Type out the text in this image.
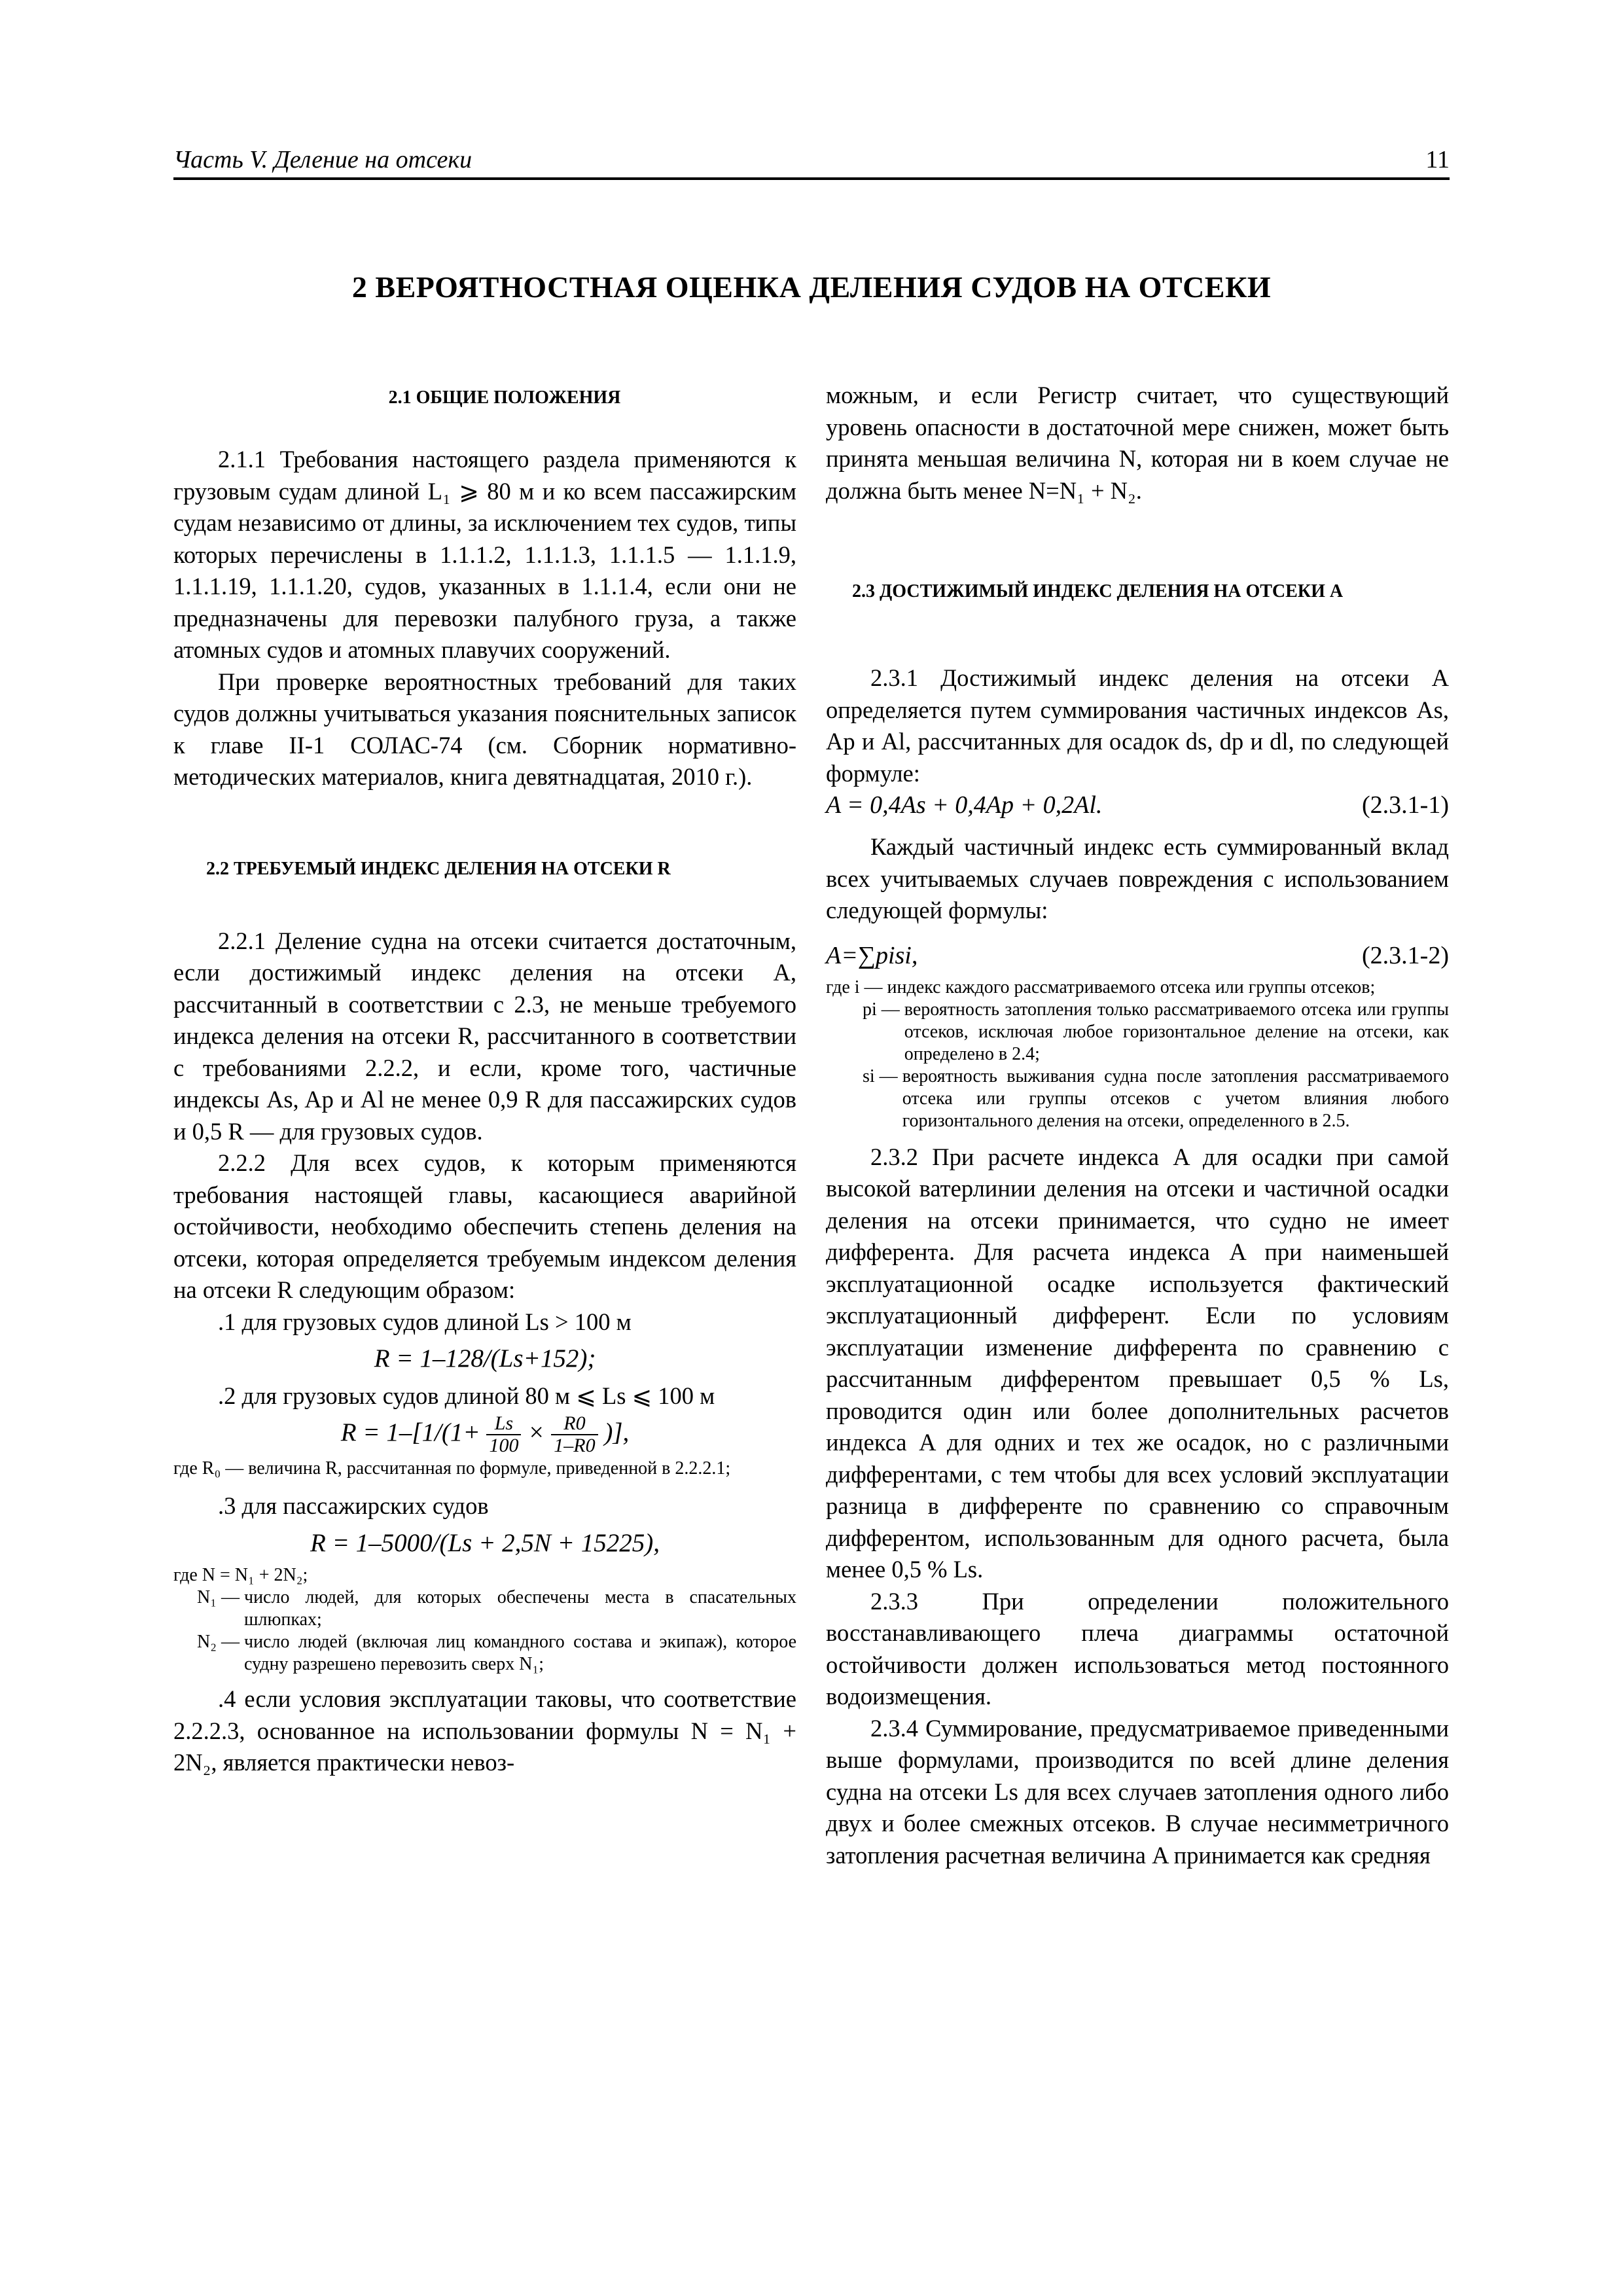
Часть V. Деление на отсеки	11
2 ВЕРОЯТНОСТНАЯ ОЦЕНКА ДЕЛЕНИЯ СУДОВ НА ОТСЕКИ

2.1 ОБЩИЕ ПОЛОЖЕНИЯ

2.1.1 Требования настоящего раздела применяются к грузовым судам длиной L₁ ⩾ 80 м и ко всем пассажирским судам независимо от длины, за исключением тех судов, типы которых перечислены в 1.1.1.2, 1.1.1.3, 1.1.1.5 — 1.1.1.9, 1.1.1.19, 1.1.1.20, судов, указанных в 1.1.1.4, если они не предназначены для перевозки палубного груза, а также атомных судов и атомных плавучих сооружений.

При проверке вероятностных требований для таких судов должны учитываться указания пояснительных записок к главе II-1 СОЛАС-74 (см. Сборник нормативно-методических материалов, книга девятнадцатая, 2010 г.).

2.2 ТРЕБУЕМЫЙ ИНДЕКС ДЕЛЕНИЯ НА ОТСЕКИ R

2.2.1 Деление судна на отсеки считается достаточным, если достижимый индекс деления на отсеки A, рассчитанный в соответствии с 2.3, не меньше требуемого индекса деления на отсеки R, рассчитанного в соответствии с требованиями 2.2.2, и если, кроме того, частичные индексы As, Ap и Al не менее 0,9 R для пассажирских судов и 0,5 R — для грузовых судов.

2.2.2 Для всех судов, к которым применяются требования настоящей главы, касающиеся аварийной остойчивости, необходимо обеспечить степень деления на отсеки, которая определяется требуемым индексом деления на отсеки R следующим образом:

.1 для грузовых судов длиной Ls > 100 м

R = 1–128/(Ls+152);

.2 для грузовых судов длиной 80 м ⩽ Ls ⩽ 100 м

$R = 1-[1/(1+ \frac{Ls}{100} \times \frac{R0}{1-R0}$ )],

где R₀ — величина R, рассчитанная по формуле, приведенной в 2.2.2.1;

.3 для пассажирских судов

R = 1–5000/(Ls + 2,5N + 15225),
где N = N₁ + 2N₂;
N₁ —
число людей, для которых обеспечены места в спасательных шлюпках;
N₂ —
число людей (включая лиц командного состава и экипаж), которое судну разрешено перевозить сверх N₁;

.4 если условия эксплуатации таковы, что соответствие 2.2.2.3, основанное на использовании формулы N = N₁ + 2N₂, является практически невоз-

можным, и если Регистр считает, что существующий уровень опасности в достаточной мере снижен, может быть принята меньшая величина N, которая ни в коем случае не должна быть менее N=N₁ + N₂.

2.3 ДОСТИЖИМЫЙ ИНДЕКС ДЕЛЕНИЯ НА ОТСЕКИ A

2.3.1 Достижимый индекс деления на отсеки A определяется путем суммирования частичных индексов As, Ap и Al, рассчитанных для осадок ds, dp и dl, по следующей формуле:

A = 0,4As + 0,4Ap + 0,2Al.	(2.3.1-1)

Каждый частичный индекс есть суммированный вклад всех учитываемых случаев повреждения с использованием следующей формулы:

A=∑pisi,	(2.3.1-2)
где i —
индекс каждого рассматриваемого отсека или группы отсеков;
pi —
вероятность затопления только рассматриваемого отсека или группы отсеков, исключая любое горизонтальное деление на отсеки, как определено в 2.4;
si —
вероятность выживания судна после затопления рассматриваемого отсека или группы отсеков с учетом влияния любого горизонтального деления на отсеки, определенного в 2.5.

2.3.2 При расчете индекса A для осадки при самой высокой ватерлинии деления на отсеки и частичной осадки деления на отсеки принимается, что судно не имеет дифферента. Для расчета индекса A при наименьшей эксплуатационной осадке используется фактический эксплуатационный дифферент. Если по условиям эксплуатации изменение дифферента по сравнению с рассчитанным дифферентом превышает 0,5 % Ls, проводится один или более дополнительных расчетов индекса A для одних и тех же осадок, но с различными дифферентами, с тем чтобы для всех условий эксплуатации разница в дифференте по сравнению со справочным дифферентом, использованным для одного расчета, была менее 0,5 % Ls.

2.3.3 При определении положительного восстанавливающего плеча диаграммы остаточной остойчивости должен использоваться метод постоянного водоизмещения.

2.3.4 Суммирование, предусматриваемое приведенными выше формулами, производится по всей длине деления судна на отсеки Ls для всех случаев затопления одного либо двух и более смежных отсеков. В случае несимметричного затопления расчетная величина A принимается как средняя
